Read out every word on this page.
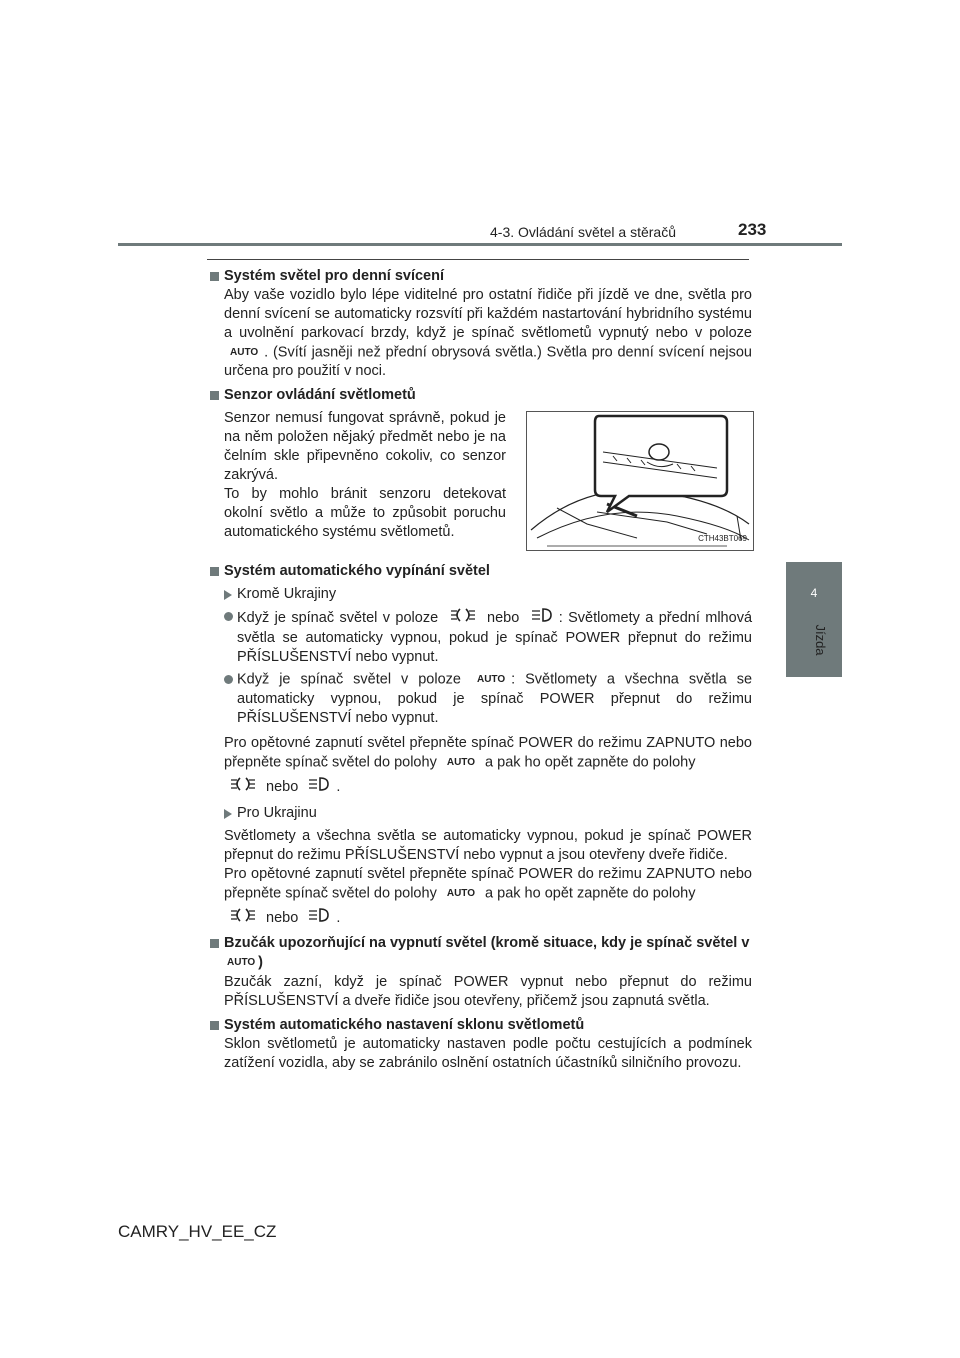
4-3. Ovládání světel a stěračů	233
4
Jízda

Systém světel pro denní svícení

Aby vaše vozidlo bylo lépe viditelné pro ostatní řidiče při jízdě ve dne, světla pro denní svícení se automaticky rozsvítí při každém nastartování hybridního systému a uvolnění parkovací brzdy, když je spínač světlometů vypnutý nebo v poloze AUTO . (Svítí jasněji než přední obrysová světla.) Světla pro denní svícení nejsou určena pro použití v noci.

Senzor ovládání světlometů

Senzor nemusí fungovat správně, pokud je na něm položen nějaký předmět nebo je na čelním skle připevněno cokoliv, co senzor zakrývá.
To by mohlo bránit senzoru detekovat okolní světlo a může to způsobit poruchu automatického systému světlometů.	CTH43BT069

Systém automatického vypínání světel

Kromě Ukrajiny
Když je spínač světel v poloze	nebo	: Světlomety a přední mlhová světla se automaticky vypnou, pokud je spínač POWER přepnut do režimu PŘÍSLUŠENSTVÍ nebo vypnut.
Když je spínač světel v poloze AUTO : Světlomety a všechna světla se automaticky vypnou, pokud je spínač POWER přepnut do režimu PŘÍSLUŠENSTVÍ nebo vypnut.

Pro opětovné zapnutí světel přepněte spínač POWER do režimu ZAPNUTO nebo přepněte spínač světel do polohy AUTO a pak ho opět zapněte do polohy

nebo	.

Pro Ukrajinu

Světlomety a všechna světla se automaticky vypnou, pokud je spínač POWER přepnut do režimu PŘÍSLUŠENSTVÍ nebo vypnut a jsou otevřeny dveře řidiče.

Pro opětovné zapnutí světel přepněte spínač POWER do režimu ZAPNUTO nebo přepněte spínač světel do polohy AUTO a pak ho opět zapněte do polohy

nebo	.

Bzučák upozorňující na vypnutí světel (kromě situace, kdy je spínač světel v AUTO )

Bzučák zazní, když je spínač POWER vypnut nebo přepnut do režimu PŘÍSLUŠENSTVÍ a dveře řidiče jsou otevřeny, přičemž jsou zapnutá světla.

Systém automatického nastavení sklonu světlometů

Sklon světlometů je automaticky nastaven podle počtu cestujících a podmínek zatížení vozidla, aby se zabránilo oslnění ostatních účastníků silničního provozu.

CAMRY_HV_EE_CZ
